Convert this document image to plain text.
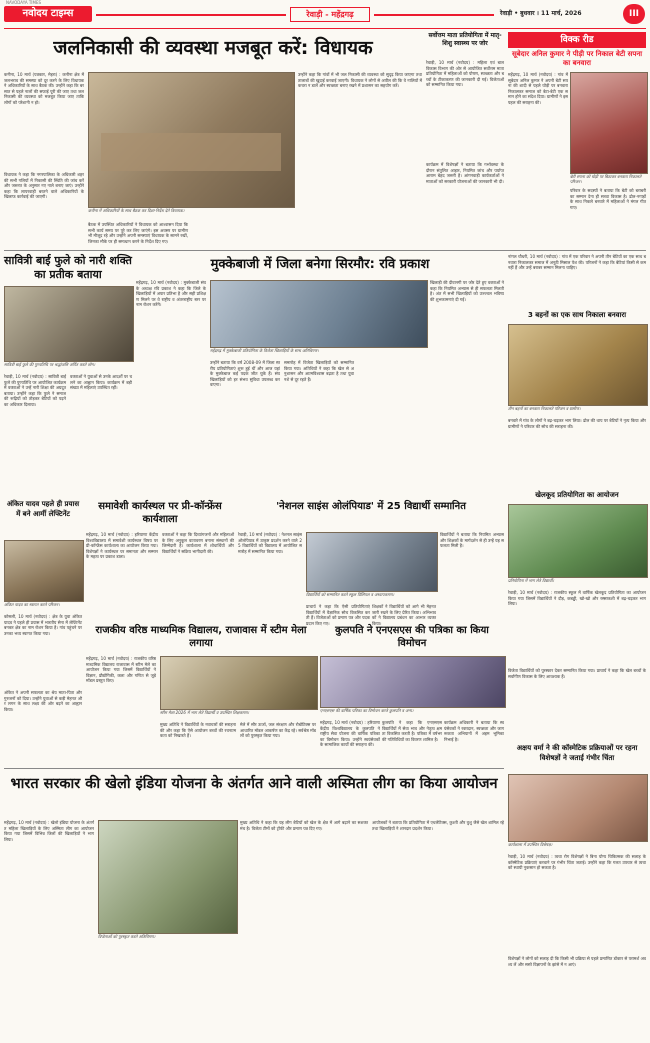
NAVODAYA TIMES
नवोदय टाइम्स	रेवाड़ी - महेंद्रगढ़	रेवाड़ी • बुधवार । 11 मार्च, 2026	III
जलनिकासी की व्यवस्था मजबूत करें: विधायक

कनीना, 10 मार्च (पत्रकार, मेहरा) : कनीना क्षेत्र में जलभराव की समस्या को दूर करने के लिए विधायक ने अधिकारियों के साथ बैठक की। उन्होंने कहा कि बरसात से पहले नालों की सफाई पूरी की जाए तथा जलनिकासी की व्यवस्था को मजबूत किया जाए ताकि लोगों को परेशानी न हो।

कनीना में अधिकारियों के साथ बैठक कर दिशा-निर्देश देते विधायक।

विधायक ने कहा कि नगरपालिका के अधिकारी शहर की सभी गलियों में निकासी की स्थिति की जांच करें और जरूरत के अनुसार नए नाले बनाए जाएं। उन्होंने कहा कि लापरवाही बरतने वाले अधिकारियों के खिलाफ कार्रवाई की जाएगी।

बैठक में उपस्थित अधिकारियों ने विधायक को आश्वासन दिया कि सभी कार्य समय पर पूरे कर लिए जाएंगे। इस अवसर पर ग्रामीण भी मौजूद रहे और उन्होंने अपनी समस्याएं विधायक के सामने रखीं, जिनका मौके पर ही समाधान करने के निर्देश दिए गए।

उन्होंने कहा कि गांवों में भी जल निकासी की व्यवस्था को सुदृढ़ किया जाएगा तथा तालाबों की खुदाई करवाई जाएगी। विधायक ने लोगों से अपील की कि वे नालियों में कचरा न डालें और स्वच्छता बनाए रखने में प्रशासन का सहयोग करें।

सर्वोत्तम माता प्रतियोगिता में मातृ-शिशु स्वास्थ्य पर जोर

रेवाड़ी, 10 मार्च (नवोदय) : महिला एवं बाल विकास विभाग की ओर से आयोजित सर्वोत्तम माता प्रतियोगिता में महिलाओं को पोषण, स्वच्छता और बच्चों के टीकाकरण की जानकारी दी गई। विजेताओं को सम्मानित किया गया।

कार्यक्रम में विशेषज्ञों ने बताया कि गर्भावस्था के दौरान संतुलित आहार, नियमित जांच और पर्याप्त आराम बेहद जरूरी है। आंगनवाड़ी कार्यकर्ताओं ने माताओं को सरकारी योजनाओं की जानकारी भी दी।

विक्क रीड
सूबेदार अनिल कुमार ने पीड़ी पर निकाल बेटी सपना का बनवारा

महेंद्रगढ़, 10 मार्च (नवोदय) : गांव में सूबेदार अनिल कुमार ने अपनी बेटी सपना की शादी से पहले घोड़ी पर बनवारा निकालकर समाज को बेटा-बेटी एक समान होने का संदेश दिया। ग्रामीणों ने इस पहल की सराहना की।

बेटी सपना को घोड़ी पर बिठाकर बनवारा निकालते परिजन।

परिवार के सदस्यों ने बताया कि बेटी को बराबरी का सम्मान देना ही सच्चा विकास है। ढोल-नगाड़ों के साथ निकले बनवारे में महिलाओं ने मंगल गीत गाए।

सावित्री बाई फुले को नारी शक्ति का प्रतीक बताया

सावित्री बाई फुले की पुण्यतिथि पर श्रद्धांजलि अर्पित करते लोग।

रेवाड़ी, 10 मार्च (नवोदय) : सावित्री बाई फुले की पुण्यतिथि पर आयोजित कार्यक्रम में वक्ताओं ने उन्हें नारी शिक्षा की अग्रदूत बताया। उन्होंने कहा कि फुले ने समाज की रूढ़ियों को तोड़कर बेटियों को पढ़ने का अधिकार दिलाया।

वक्ताओं ने युवाओं से उनके आदर्शों पर चलने का आह्वान किया। कार्यक्रम में बड़ी संख्या में महिलाएं उपस्थित रहीं।

मुक्केबाजी में जिला बनेगा सिरमौर: रवि प्रकाश

महेंद्रगढ़, 10 मार्च (नवोदय) : मुक्केबाजी संघ के अध्यक्ष रवि प्रकाश ने कहा कि जिले के खिलाड़ियों में अपार प्रतिभा है और सही प्रशिक्षण मिलने पर वे राष्ट्रीय व अंतरराष्ट्रीय स्तर पर नाम रोशन करेंगे।

महेंद्रगढ़ में मुक्केबाजी प्रतियोगिता के विजेता खिलाड़ियों के साथ अतिथिगण।

उन्होंने बताया कि वर्ष 2008-09 में जिला स्तरीय प्रतियोगिताएं शुरू हुई थीं और आज यहां के मुक्केबाज कई पदक जीत चुके हैं। संघ खिलाड़ियों को हर संभव सुविधा उपलब्ध करवाएगा।

समारोह में विजेता खिलाड़ियों को सम्मानित किया गया। अतिथियों ने कहा कि खेल से अनुशासन और आत्मविश्वास बढ़ता है तथा युवा नशे से दूर रहते हैं।

खिलाड़ी की दीवानगी पर जोर देते हुए वक्ताओं ने कहा कि नियमित अभ्यास से ही सफलता मिलती है। अंत में सभी खिलाड़ियों को उज्ज्वल भविष्य की शुभकामनाएं दी गईं।

नांगल चौधरी, 10 मार्च (नवोदय) : गांव में एक परिवार ने अपनी तीन बेटियों का एक साथ बनवारा निकालकर समाज में अनूठी मिसाल पेश की। परिजनों ने कहा कि बेटियां किसी से कम नहीं हैं और उन्हें बराबर सम्मान मिलना चाहिए।

3 बहनों का एक साथ निकाला बनवारा

तीन बहनों का बनवारा निकालते परिजन व ग्रामीण।

बनवारे में गांव के लोगों ने बढ़-चढ़कर भाग लिया। ढोल की थाप पर बेटियों ने नृत्य किया और ग्रामीणों ने परिवार की सोच की सराहना की।

अंकित यादव पहले ही प्रयास में बने आर्मी लेफ्टिनेंट

अंकित यादव का स्वागत करते परिजन।

कोसली, 10 मार्च (नवोदय) : क्षेत्र के युवा अंकित यादव ने पहले ही प्रयास में भारतीय सेना में लेफ्टिनेंट बनकर क्षेत्र का नाम रोशन किया है। गांव पहुंचने पर उनका भव्य स्वागत किया गया।

अंकित ने अपनी सफलता का श्रेय माता-पिता और गुरुजनों को दिया। उन्होंने युवाओं से कड़ी मेहनत और लगन के साथ लक्ष्य की ओर बढ़ने का आह्वान किया।

समावेशी कार्यस्थल पर प्री-कॉन्फ्रेंस कार्यशाला

महेंद्रगढ़, 10 मार्च (नवोदय) : हरियाणा केंद्रीय विश्वविद्यालय में समावेशी कार्यस्थल विषय पर प्री-कॉन्फ्रेंस कार्यशाला का आयोजन किया गया। विशेषज्ञों ने कार्यस्थल पर समानता और सम्मान के महत्व पर प्रकाश डाला।

वक्ताओं ने कहा कि दिव्यांगजनों और महिलाओं के लिए अनुकूल वातावरण बनाना संस्थानों की जिम्मेदारी है। कार्यशाला में शोधार्थियों और विद्यार्थियों ने सक्रिय भागीदारी की।

'नेशनल साइंस ओलंपियाड' में 25 विद्यार्थी सम्मानित

रेवाड़ी, 10 मार्च (नवोदय) : नेशनल साइंस ओलंपियाड में उत्कृष्ट प्रदर्शन करने वाले 25 विद्यार्थियों को विद्यालय में आयोजित समारोह में सम्मानित किया गया।

विद्यार्थियों को सम्मानित करते स्कूल प्रिंसिपल व अध्यापकगण।

प्राचार्य ने कहा कि ऐसी प्रतियोगिताएं विद्यार्थियों में वैज्ञानिक सोच विकसित करती हैं। विजेताओं को प्रमाण पत्र और पदक प्रदान किए गए।

शिक्षकों ने विद्यार्थियों को आगे भी मेहनत जारी रखने के लिए प्रेरित किया। अभिभावकों ने विद्यालय प्रबंधन का आभार व्यक्त किया।

विद्यार्थियों ने बताया कि नियमित अभ्यास और शिक्षकों के मार्गदर्शन से ही उन्हें यह सफलता मिली है।

खेलकूद प्रतियोगिता का आयोजन

प्रतियोगिता में भाग लेते विद्यार्थी।

रेवाड़ी, 10 मार्च (नवोदय) : राजकीय स्कूल में वार्षिक खेलकूद प्रतियोगिता का आयोजन किया गया जिसमें विद्यार्थियों ने दौड़, कबड्डी, खो-खो और रस्साकशी में बढ़-चढ़कर भाग लिया।

विजेता विद्यार्थियों को पुरस्कार देकर सम्मानित किया गया। प्राचार्य ने कहा कि खेल बच्चों के सर्वांगीण विकास के लिए आवश्यक हैं।

राजकीय वरिष्ठ माध्यमिक विद्यालय, राजावास में स्टीम मेला लगाया

महेंद्रगढ़, 10 मार्च (नवोदय) : राजकीय वरिष्ठ माध्यमिक विद्यालय राजावास में स्टीम मेले का आयोजन किया गया जिसमें विद्यार्थियों ने विज्ञान, प्रौद्योगिकी, कला और गणित से जुड़े मॉडल प्रस्तुत किए।

स्टीम मेला 2026 में भाग लेते विद्यार्थी व उपस्थित शिक्षकगण।

मुख्य अतिथि ने विद्यार्थियों के नवाचारों की सराहना की और कहा कि ऐसे आयोजन बच्चों की रचनात्मकता को निखारते हैं।

मेले में सौर ऊर्जा, जल संरक्षण और रोबोटिक्स पर आधारित मॉडल आकर्षण का केंद्र रहे। सर्वश्रेष्ठ मॉडलों को पुरस्कृत किया गया।

कुलपति ने एनएसएस की पत्रिका का किया विमोचन

एनएसएस की वार्षिक पत्रिका का विमोचन करते कुलपति व अन्य।

महेंद्रगढ़, 10 मार्च (नवोदय) : हरियाणा केंद्रीय विश्वविद्यालय के कुलपति ने राष्ट्रीय सेवा योजना की वार्षिक पत्रिका का विमोचन किया। उन्होंने स्वयंसेवकों के सामाजिक कार्यों की सराहना की।

कुलपति ने कहा कि एनएसएस विद्यार्थियों में सेवा भाव और नेतृत्व क्षमता विकसित करती है। पत्रिका में वर्षभर की गतिविधियों का विवरण शामिल है।

कार्यक्रम अधिकारी ने बताया कि स्वयंसेवकों ने रक्तदान, स्वच्छता और जागरूकता अभियानों में अहम भूमिका निभाई है।

अक्षय वर्मा ने की कॉस्मेटिक प्रक्रियाओं पर रहना विशेषज्ञों ने जताई गंभीर चिंता

कार्यशाला में उपस्थित विशेषज्ञ।

रेवाड़ी, 10 मार्च (नवोदय) : त्वचा रोग विशेषज्ञों ने बिना योग्य चिकित्सक की सलाह के कॉस्मेटिक प्रक्रियाएं करवाने पर गंभीर चिंता जताई। उन्होंने कहा कि गलत उपचार से त्वचा को स्थायी नुकसान हो सकता है।

विशेषज्ञों ने लोगों को सलाह दी कि किसी भी प्रक्रिया से पहले प्रमाणित डॉक्टर से परामर्श अवश्य लें और सस्ते विज्ञापनों के झांसे में न आएं।

भारत सरकार की खेलो इंडिया योजना के अंतर्गत आने वाली अस्मिता लीग का किया आयोजन

महेंद्रगढ़, 10 मार्च (नवोदय) : खेलो इंडिया योजना के अंतर्गत महिला खिलाड़ियों के लिए अस्मिता लीग का आयोजन किया गया जिसमें विभिन्न जिलों की खिलाड़ियों ने भाग लिया।

विजेताओं को पुरस्कृत करते अतिथिगण।

मुख्य अतिथि ने कहा कि यह लीग बेटियों को खेल के क्षेत्र में आगे बढ़ाने का सशक्त मंच है। विजेता टीमों को ट्रॉफी और प्रमाण पत्र दिए गए।

आयोजकों ने बताया कि प्रतियोगिता में एथलेटिक्स, कुश्ती और वुशु जैसे खेल शामिल रहे तथा खिलाड़ियों ने शानदार प्रदर्शन किया।
